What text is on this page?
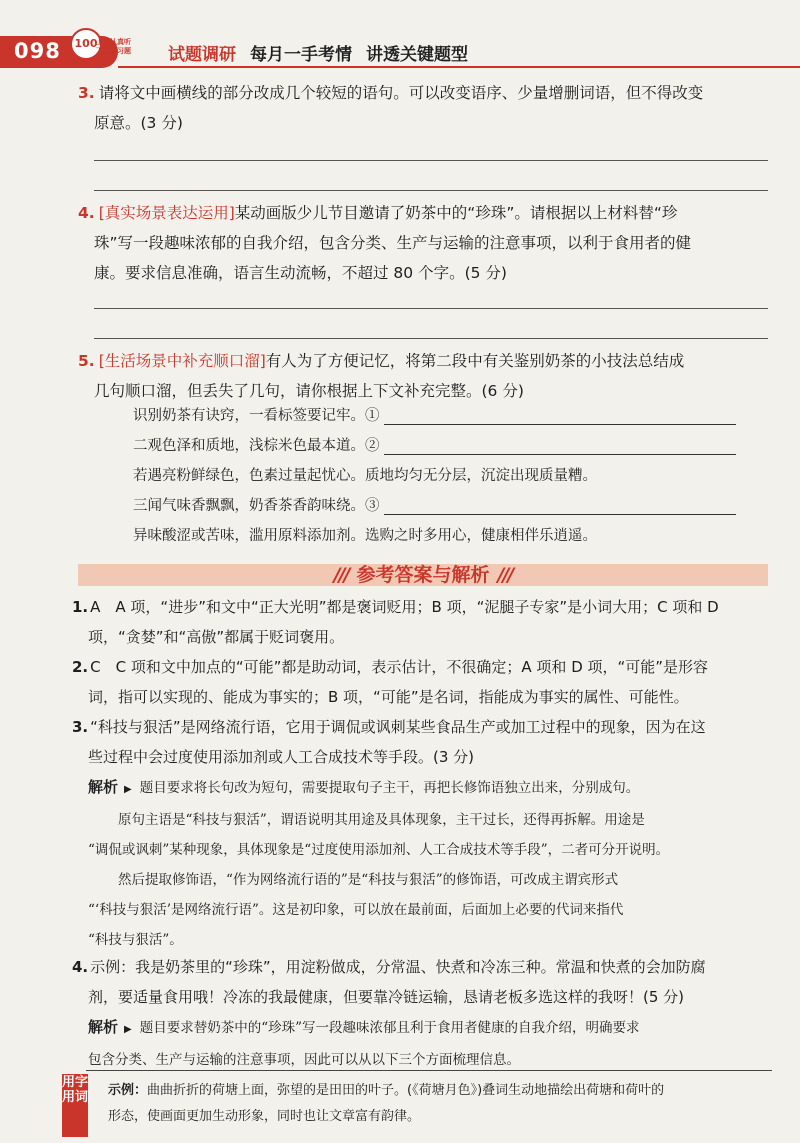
098	100
上课认真听
下课练习题	试题调研 每月一手考情 讲透关键题型
3. 请将文中画横线的部分改成几个较短的语句。可以改变语序、少量增删词语，但不得改变
原意。(3 分)
4. [真实场景表达运用]某动画版少儿节目邀请了奶茶中的“珍珠”。请根据以上材料替“珍
珠”写一段趣味浓郁的自我介绍，包含分类、生产与运输的注意事项，以利于食用者的健
康。要求信息准确，语言生动流畅，不超过 80 个字。(5 分)
5. [生活场景中补充顺口溜]有人为了方便记忆，将第二段中有关鉴别奶茶的小技法总结成
几句顺口溜，但丢失了几句，请你根据上下文补充完整。(6 分)
识别奶茶有诀窍，一看标签要记牢。①
二观色泽和质地，浅棕米色最本道。②
若遇亮粉鲜绿色，色素过量起忧心。质地均匀无分层，沉淀出现质量糟。
三闻气味香飘飘，奶香茶香韵味绕。③
异味酸涩或苦味，滥用原料添加剂。选购之时多用心，健康相伴乐逍遥。
/// 参考答案与解析 ///
1. A　A 项，“进步”和文中“正大光明”都是褒词贬用；B 项，“泥腿子专家”是小词大用；C 项和 D
项，“贪婪”和“高傲”都属于贬词褒用。
2. C　C 项和文中加点的“可能”都是助动词，表示估计，不很确定；A 项和 D 项，“可能”是形容
词，指可以实现的、能成为事实的；B 项，“可能”是名词，指能成为事实的属性、可能性。
3. “科技与狠活”是网络流行语，它用于调侃或讽刺某些食品生产或加工过程中的现象，因为在这
些过程中会过度使用添加剂或人工合成技术等手段。(3 分)
解析 ▶ 题目要求将长句改为短句，需要提取句子主干，再把长修饰语独立出来，分别成句。
原句主语是“科技与狠活”，谓语说明其用途及具体现象，主干过长，还得再拆解。用途是
“调侃或讽刺”某种现象，具体现象是“过度使用添加剂、人工合成技术等手段”，二者可分开说明。
然后提取修饰语，“作为网络流行语的”是“科技与狠活”的修饰语，可改成主谓宾形式
“‘科技与狠活’是网络流行语”。这是初印象，可以放在最前面，后面加上必要的代词来指代
“科技与狠活”。
4. 示例：我是奶茶里的“珍珠”，用淀粉做成，分常温、快煮和冷冻三种。常温和快煮的会加防腐
剂，要适量食用哦！冷冻的我最健康，但要靠冷链运输，恳请老板多选这样的我呀！(5 分)
解析 ▶ 题目要求替奶茶中的“珍珠”写一段趣味浓郁且利于食用者健康的自我介绍，明确要求
包含分类、生产与运输的注意事项，因此可以从以下三个方面梳理信息。
用字用词 示例：曲曲折折的荷塘上面，弥望的是田田的叶子。(《荷塘月色》)叠词生动地描绘出荷塘和荷叶的
形态，使画面更加生动形象，同时也让文章富有韵律。
